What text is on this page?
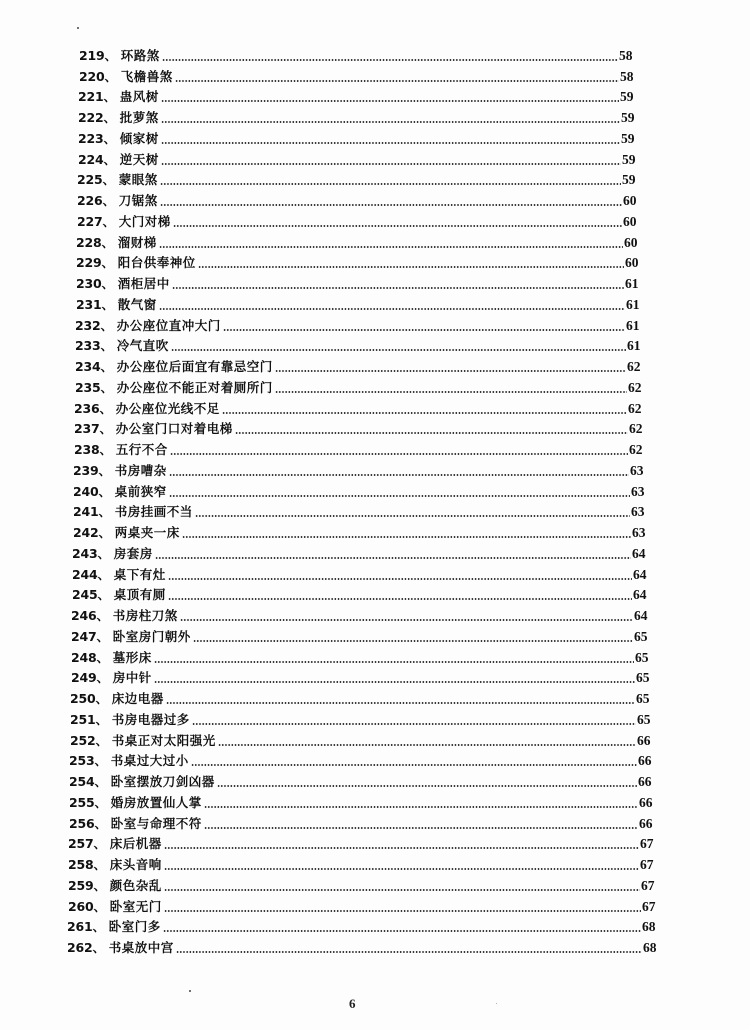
219、 环路煞	58
220、 飞檐兽煞	58
221、 蛊风树	59
222、 批萝煞	59
223、 倾家树	59
224、 逆天树	59
225、 蒙眼煞	59
226、 刀锯煞	60
227、 大门对梯	60
228、 溜财梯	60
229、 阳台供奉神位	60
230、 酒柜居中	61
231、 散气窗	61
232、 办公座位直冲大门	61
233、 冷气直吹	61
234、 办公座位后面宜有靠忌空门	62
235、 办公座位不能正对着厕所门	62
236、 办公座位光线不足	62
237、 办公室门口对着电梯	62
238、 五行不合	62
239、 书房嘈杂	63
240、 桌前狭窄	63
241、 书房挂画不当	63
242、 两桌夹一床	63
243、 房套房	64
244、 桌下有灶	64
245、 桌顶有厕	64
246、 书房柱刀煞	64
247、 卧室房门朝外	65
248、 墓形床	65
249、 房中针	65
250、 床边电器	65
251、 书房电器过多	65
252、 书桌正对太阳强光	66
253、 书桌过大过小	66
254、 卧室摆放刀剑凶器	66
255、 婚房放置仙人掌	66
256、 卧室与命理不符	66
257、 床后机器	67
258、 床头音响	67
259、 颜色杂乱	67
260、 卧室无门	67
261、 卧室门多	68
262、 书桌放中宫	68
6
